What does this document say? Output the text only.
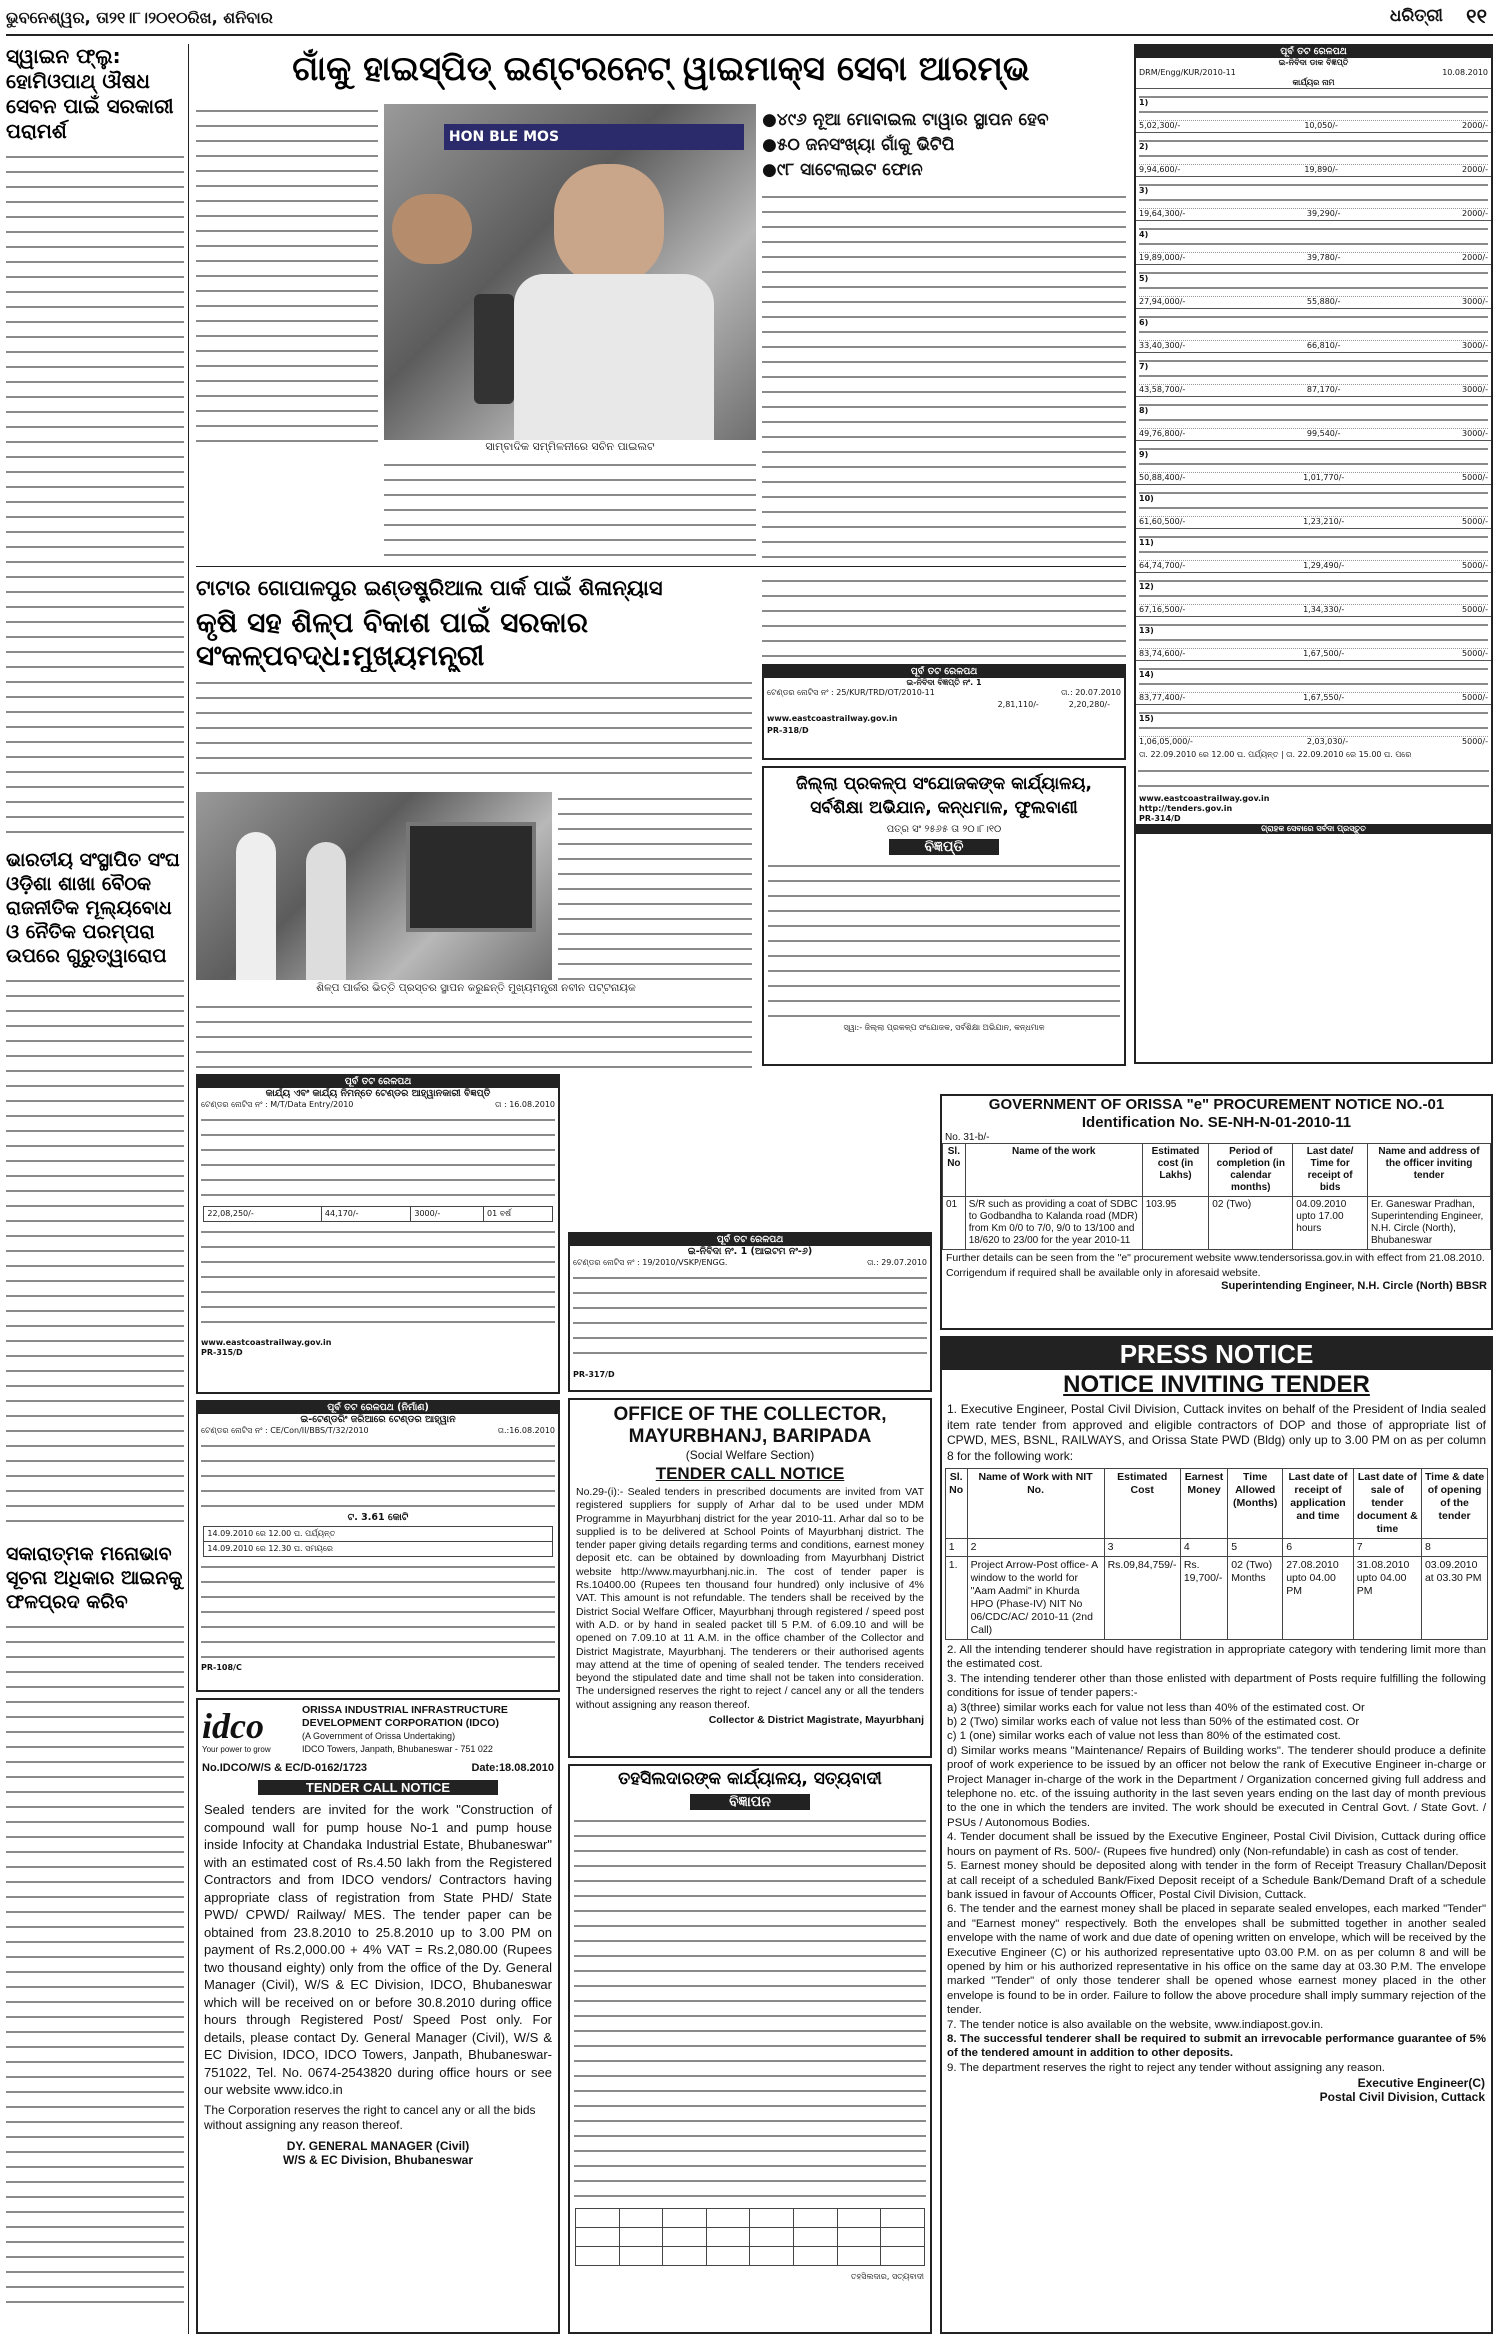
ଭୁବନେଶ୍ୱର, ତା୨୧।୮।୨୦୧୦ରିଖ, ଶନିବାର	ଧରିତ୍ରୀ ୧୧
ସ୍ୱାଇନ ଫ୍ଲୁ: ହୋମିଓପାଥ୍ ଔଷଧ ସେବନ ପାଇଁ ସରକାରୀ ପରାମର୍ଶ
ଭାରତୀୟ ସଂସ୍ଥାପିତ ସଂଘ ଓଡ଼ିଶା ଶାଖା ବୈଠକ ରାଜନୀତିକ ମୂଲ୍ୟବୋଧ ଓ ନୈତିକ ପରମ୍ପରା ଉପରେ ଗୁରୁତ୍ୱାରୋପ
ସକାରାତ୍ମକ ମନୋଭାବ ସୂଚନା ଅଧିକାର ଆଇନକୁ ଫଳପ୍ରଦ କରିବ
ଗାଁକୁ ହାଇସ୍ପିଡ୍ ଇଣ୍ଟରନେଟ୍ ୱାଇମାକ୍ସ ସେବା ଆରମ୍ଭ
HON BLE MOS
ସାମ୍ବାଦିକ ସମ୍ମିଳନୀରେ ସଚିନ ପାଇଲଟ
●୪୯୬ ନୂଆ ମୋବାଇଲ ଟାୱାର ସ୍ଥାପନ ହେବ
●୫୦ ଜନସଂଖ୍ୟା ଗାଁକୁ ଭିଟିପି
●୯୮ ସାଟେଲାଇଟ ଫୋନ
ଟାଟାର ଗୋପାଳପୁର ଇଣ୍ଡଷ୍ଟ୍ରିଆଲ ପାର୍କ ପାଇଁ ଶିଳାନ୍ୟାସ
କୃଷି ସହ ଶିଳ୍ପ ବିକାଶ ପାଇଁ ସରକାର ସଂକଳ୍ପବଦ୍ଧ:ମୁଖ୍ୟମନ୍ତ୍ରୀ
ଶିଳ୍ପ ପାର୍କର ଭିତ୍ତି ପ୍ରସ୍ତର ସ୍ଥାପନ କରୁଛନ୍ତି ମୁଖ୍ୟମନ୍ତ୍ରୀ ନବୀନ ପଟ୍ଟନାୟକ
ପୂର୍ବ ତଟ ରେଳପଥ
ଇ-ନିବିଦା ବିଜ୍ଞପ୍ତି ନଂ. 1
ଟେଣ୍ଡର ନୋଟିସ ନଂ : 25/KUR/TRD/OT/2010-11	ତା.: 20.07.2010
2,81,110/-	2,20,280/-
www.eastcoastrailway.gov.in
PR-318/D
ଜିଲ୍ଲା ପ୍ରକଳ୍ପ ସଂଯୋଜକଙ୍କ କାର୍ଯ୍ୟାଳୟ, ସର୍ବଶିକ୍ଷା ଅଭିଯାନ, କନ୍ଧମାଳ, ଫୁଲବାଣୀ
ପତ୍ର ସଂ ୨୫୬୫ ତା ୨୦।୮।୧୦
ବିଜ୍ଞପ୍ତି
ସ୍ୱା:- ଜିଲ୍ଲା ପ୍ରକଳ୍ପ ସଂଯୋଜକ, ସର୍ବଶିକ୍ଷା ଅଭିଯାନ, କନ୍ଧମାଳ
ପୂର୍ବ ତଟ ରେଳପଥ
କାର୍ଯ୍ୟ ଏବଂ କାର୍ଯ୍ୟ ନିମନ୍ତେ ଟେଣ୍ଡର ଆହ୍ୱାନକାରୀ ବିଜ୍ଞପ୍ତି
ଟେଣ୍ଡର ନୋଟିସ ନଂ : M/T/Data Entry/2010	ତା : 16.08.2010
22,08,250/-	44,170/-	3000/-	01 ବର୍ଷ
www.eastcoastrailway.gov.in
PR-315/D
ପୂର୍ବ ତଟ ରେଳପଥ (ନିର୍ମାଣ)
ଇ-ଟେଣ୍ଡରିଂ ଜରିଆରେ ଟେଣ୍ଡର ଆହ୍ୱାନ
ଟେଣ୍ଡର ନୋଟିସ ନଂ : CE/Con/II/BBS/T/32/2010	ତା.:16.08.2010
ଟ. 3.61 କୋଟି
14.09.2010 ରେ 12.00 ଘ. ପର୍ଯ୍ୟନ୍ତ
14.09.2010 ରେ 12.30 ଘ. ସମୟରେ
PR-108/C
idco
Your power to grow
ORISSA INDUSTRIAL INFRASTRUCTURE
DEVELOPMENT CORPORATION (IDCO)
(A Government of Orissa Undertaking)
IDCO Towers, Janpath, Bhubaneswar - 751 022
No.IDCO/W/S & EC/D-0162/1723	Date:18.08.2010
TENDER CALL NOTICE
Sealed tenders are invited for the work "Construction of compound wall for pump house No-1 and pump house inside Infocity at Chandaka Industrial Estate, Bhubaneswar" with an estimated cost of Rs.4.50 lakh from the Registered Contractors and from IDCO vendors/ Contractors having appropriate class of registration from State PHD/ State PWD/ CPWD/ Railway/ MES. The tender paper can be obtained from 23.8.2010 to 25.8.2010 up to 3.00 PM on payment of Rs.2,000.00 + 4% VAT = Rs.2,080.00 (Rupees two thousand eighty) only from the office of the Dy. General Manager (Civil), W/S & EC Division, IDCO, Bhubaneswar which will be received on or before 30.8.2010 during office hours through Registered Post/ Speed Post only. For details, please contact Dy. General Manager (Civil), W/S & EC Division, IDCO, IDCO Towers, Janpath, Bhubaneswar-751022, Tel. No. 0674-2543820 during office hours or see our website www.idco.in
The Corporation reserves the right to cancel any or all the bids without assigning any reason thereof.
DY. GENERAL MANAGER (Civil)
W/S & EC Division, Bhubaneswar
ପୂର୍ବ ତଟ ରେଳପଥ
ଇ-ନିବିଦା ନଂ. 1 (ଆଇଟମ ନଂ-୬)
ଟେଣ୍ଡର ନୋଟିସ ନଂ : 19/2010/VSKP/ENGG.	ତା.: 29.07.2010
PR-317/D
OFFICE OF THE COLLECTOR,
MAYURBHANJ, BARIPADA
(Social Welfare Section)
TENDER CALL NOTICE
No.29-(i):- Sealed tenders in prescribed documents are invited from VAT registered suppliers for supply of Arhar dal to be used under MDM Programme in Mayurbhanj district for the year 2010-11. Arhar dal so to be supplied is to be delivered at School Points of Mayurbhanj district. The tender paper giving details regarding terms and conditions, earnest money deposit etc. can be obtained by downloading from Mayurbhanj District website http://www.mayurbhanj.nic.in. The cost of tender paper is Rs.10400.00 (Rupees ten thousand four hundred) only inclusive of 4% VAT. This amount is not refundable. The tenders shall be received by the District Social Welfare Officer, Mayurbhanj through registered / speed post with A.D. or by hand in sealed packet till 5 P.M. of 6.09.10 and will be opened on 7.09.10 at 11 A.M. in the office chamber of the Collector and District Magistrate, Mayurbhanj. The tenderers or their authorised agents may attend at the time of opening of sealed tender. The tenders received beyond the stipulated date and time shall not be taken into consideration. The undersigned reserves the right to reject / cancel any or all the tenders without assigning any reason thereof.
Collector & District Magistrate, Mayurbhanj
ତହସିଲଦାରଙ୍କ କାର୍ଯ୍ୟାଳୟ, ସତ୍ୟବାଦୀ
ବିଜ୍ଞାପନ

ତହସିଲଦାର, ସତ୍ୟବାଦୀ
ପୂର୍ବ ତଟ ରେଳପଥ
ଇ-ନିବିଦା ଡାକ ବିଜ୍ଞପ୍ତି
DRM/Engg/KUR/2010-11	10.08.2010
କାର୍ଯ୍ୟର ନାମ
1)
5,02,300/-	10,050/-	2000/-
2)
9,94,600/-	19,890/-	2000/-
3)
19,64,300/-	39,290/-	2000/-
4)
19,89,000/-	39,780/-	2000/-
5)
27,94,000/-	55,880/-	3000/-
6)
33,40,300/-	66,810/-	3000/-
7)
43,58,700/-	87,170/-	3000/-
8)
49,76,800/-	99,540/-	3000/-
9)
50,88,400/-	1,01,770/-	5000/-
10)
61,60,500/-	1,23,210/-	5000/-
11)
64,74,700/-	1,29,490/-	5000/-
12)
67,16,500/-	1,34,330/-	5000/-
13)
83,74,600/-	1,67,500/-	5000/-
14)
83,77,400/-	1,67,550/-	5000/-
15)
1,06,05,000/-	2,03,030/-	5000/-
ତା. 22.09.2010 ରେ 12.00 ଘ. ପର୍ଯ୍ୟନ୍ତ | ତା. 22.09.2010 ରେ 15.00 ଘ. ପରେ
www.eastcoastrailway.gov.in
http://tenders.gov.in
PR-314/D
ଗ୍ରାହକ ସେବାରେ ସର୍ବଦା ପ୍ରସ୍ତୁତ
GOVERNMENT OF ORISSA "e" PROCUREMENT NOTICE NO.-01
Identification No. SE-NH-N-01-2010-11
No. 31-b/-
Sl. No	Name of the work	Estimated cost (in Lakhs)	Period of completion (in calendar months)	Last date/ Time for receipt of bids	Name and address of the officer inviting tender
01	S/R such as providing a coat of SDBC to Godbandha to Kalanda road (MDR) from Km 0/0 to 7/0, 9/0 to 13/100 and 18/620 to 23/00 for the year 2010-11	103.95	02 (Two)	04.09.2010 upto 17.00 hours	Er. Ganeswar Pradhan, Superintending Engineer, N.H. Circle (North), Bhubaneswar
Further details can be seen from the "e" procurement website www.tendersorissa.gov.in with effect from 21.08.2010.
Corrigendum if required shall be available only in aforesaid website.
Superintending Engineer, N.H. Circle (North) BBSR
PRESS NOTICE
NOTICE INVITING TENDER
1. Executive Engineer, Postal Civil Division, Cuttack invites on behalf of the President of India sealed item rate tender from approved and eligible contractors of DOP and those of appropriate list of CPWD, MES, BSNL, RAILWAYS, and Orissa State PWD (Bldg) only up to 3.00 PM on as per column 8 for the following work:
Sl. No	Name of Work with NIT No.	Estimated Cost	Earnest Money	Time Allowed (Months)	Last date of receipt of application and time	Last date of sale of tender document & time	Time & date of opening of the tender
1	2	3	4	5	6	7	8
1.	Project Arrow-Post office- A window to the world for "Aam Aadmi" in Khurda HPO (Phase-IV) NIT No 06/CDC/AC/ 2010-11 (2nd Call)	Rs.09,84,759/-	Rs. 19,700/-	02 (Two) Months	27.08.2010 upto 04.00 PM	31.08.2010 upto 04.00 PM	03.09.2010 at 03.30 PM
2. All the intending tenderer should have registration in appropriate category with tendering limit more than the estimated cost.
3. The intending tenderer other than those enlisted with department of Posts require fulfilling the following conditions for issue of tender papers:-
a) 3(three) similar works each for value not less than 40% of the estimated cost. Or
b) 2 (Two) similar works each of value not less than 50% of the estimated cost. Or
c) 1 (one) similar works each of value not less than 80% of the estimated cost.
d) Similar works means "Maintenance/ Repairs of Building works". The tenderer should produce a definite proof of work experience to be issued by an officer not below the rank of Executive Engineer in-charge or Project Manager in-charge of the work in the Department / Organization concerned giving full address and telephone no. etc. of the issuing authority in the last seven years ending on the last day of month previous to the one in which the tenders are invited. The work should be executed in Central Govt. / State Govt. / PSUs / Autonomous Bodies.
4. Tender document shall be issued by the Executive Engineer, Postal Civil Division, Cuttack during office hours on payment of Rs. 500/- (Rupees five hundred) only (Non-refundable) in cash as cost of tender.
5. Earnest money should be deposited along with tender in the form of Receipt Treasury Challan/Deposit at call receipt of a scheduled Bank/Fixed Deposit receipt of a Schedule Bank/Demand Draft of a schedule bank issued in favour of Accounts Officer, Postal Civil Division, Cuttack.
6. The tender and the earnest money shall be placed in separate sealed envelopes, each marked "Tender" and "Earnest money" respectively. Both the envelopes shall be submitted together in another sealed envelope with the name of work and due date of opening written on envelope, which will be received by the Executive Engineer (C) or his authorized representative upto 03.00 P.M. on as per column 8 and will be opened by him or his authorized representative in his office on the same day at 03.30 P.M. The envelope marked "Tender" of only those tenderer shall be opened whose earnest money placed in the other envelope is found to be in order. Failure to follow the above procedure shall imply summary rejection of the tender.
7. The tender notice is also available on the website, www.indiapost.gov.in.
8. The successful tenderer shall be required to submit an irrevocable performance guarantee of 5% of the tendered amount in addition to other deposits.
9. The department reserves the right to reject any tender without assigning any reason.
Executive Engineer(C)
Postal Civil Division, Cuttack
